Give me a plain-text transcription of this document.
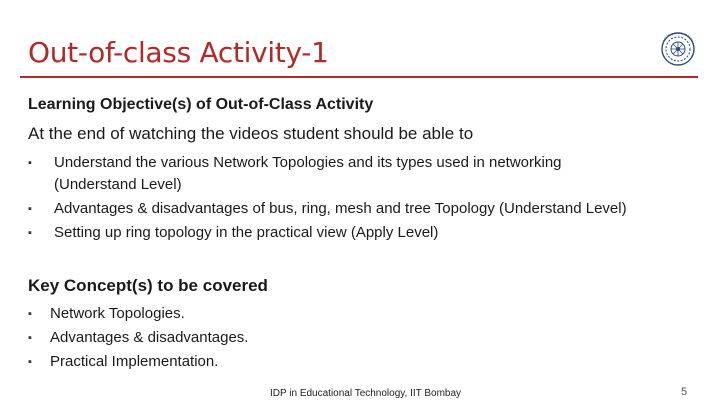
Out-of-class Activity-1
Learning Objective(s) of Out-of-Class Activity
At the end of watching the videos student should be able to
▪ Understand the various Network Topologies and its types used in networking
(Understand Level)
▪ Advantages & disadvantages of bus, ring, mesh and tree Topology (Understand Level)
▪ Setting up ring topology in the practical view (Apply Level)
Key Concept(s) to be covered
▪ Network Topologies.
▪ Advantages & disadvantages.
▪ Practical Implementation.
IDP in Educational Technology, IIT Bombay	5
